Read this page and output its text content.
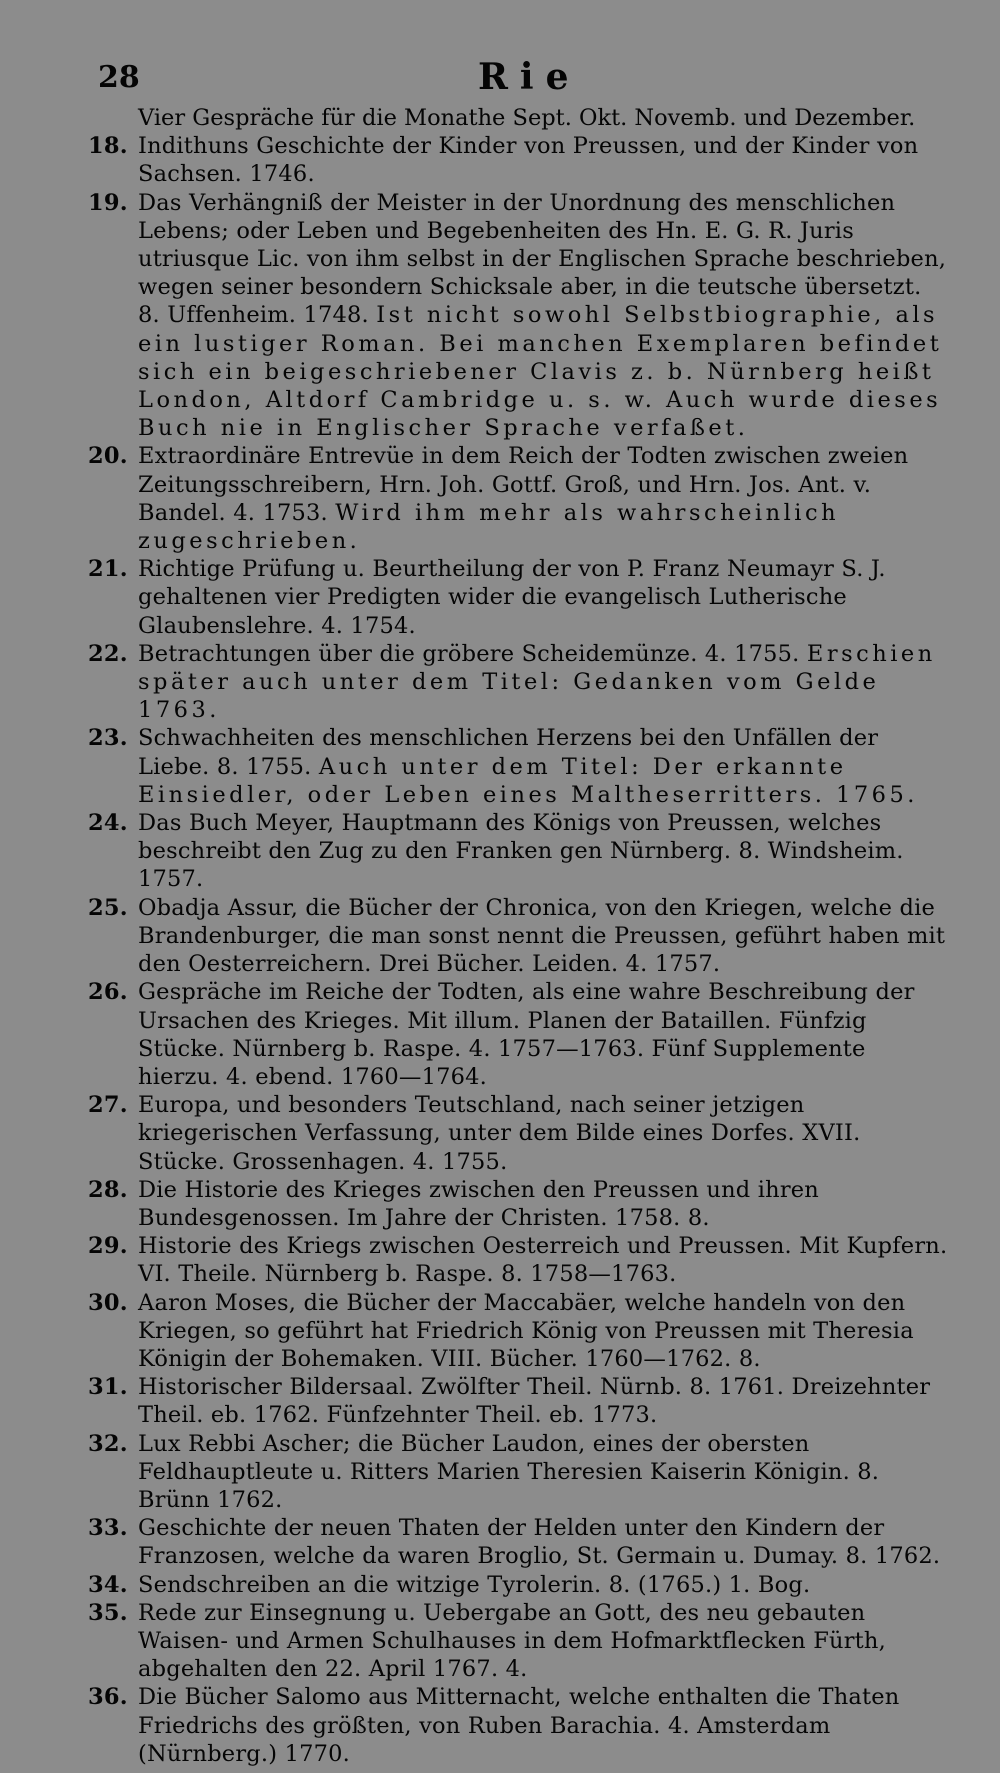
28	Rie
Vier Gespräche für die Monathe Sept. Okt. Novemb. und Dezember.
18. Indithuns Geschichte der Kinder von Preussen, und der Kinder von Sachsen. 1746.
19. Das Verhängniß der Meister in der Unordnung des menschlichen Lebens; oder Leben und Begebenheiten des Hn. E. G. R. Juris utriusque Lic. von ihm selbst in der Englischen Sprache beschrieben, wegen seiner besondern Schicksale aber, in die teutsche übersetzt. 8. Uffenheim. 1748. Ist nicht sowohl Selbstbiographie, als ein lustiger Roman. Bei manchen Exemplaren befindet sich ein beigeschriebener Clavis z. b. Nürnberg heißt London, Altdorf Cambridge u. s. w. Auch wurde dieses Buch nie in Englischer Sprache verfaßet.
20. Extraordinäre Entrevüe in dem Reich der Todten zwischen zweien Zeitungsschreibern, Hrn. Joh. Gottf. Groß, und Hrn. Jos. Ant. v. Bandel. 4. 1753. Wird ihm mehr als wahrscheinlich zugeschrieben.
21. Richtige Prüfung u. Beurtheilung der von P. Franz Neumayr S. J. gehaltenen vier Predigten wider die evangelisch Lutherische Glaubenslehre. 4. 1754.
22. Betrachtungen über die gröbere Scheidemünze. 4. 1755. Erschien später auch unter dem Titel: Gedanken vom Gelde 1763.
23. Schwachheiten des menschlichen Herzens bei den Unfällen der Liebe. 8. 1755. Auch unter dem Titel: Der erkannte Einsiedler, oder Leben eines Maltheserritters. 1765.
24. Das Buch Meyer, Hauptmann des Königs von Preussen, welches beschreibt den Zug zu den Franken gen Nürnberg. 8. Windsheim. 1757.
25. Obadja Assur, die Bücher der Chronica, von den Kriegen, welche die Brandenburger, die man sonst nennt die Preussen, geführt haben mit den Oesterreichern. Drei Bücher. Leiden. 4. 1757.
26. Gespräche im Reiche der Todten, als eine wahre Beschreibung der Ursachen des Krieges. Mit illum. Planen der Bataillen. Fünfzig Stücke. Nürnberg b. Raspe. 4. 1757—1763. Fünf Supplemente hierzu. 4. ebend. 1760—1764.
27. Europa, und besonders Teutschland, nach seiner jetzigen kriegerischen Verfassung, unter dem Bilde eines Dorfes. XVII. Stücke. Grossenhagen. 4. 1755.
28. Die Historie des Krieges zwischen den Preussen und ihren Bundesgenossen. Im Jahre der Christen. 1758. 8.
29. Historie des Kriegs zwischen Oesterreich und Preussen. Mit Kupfern. VI. Theile. Nürnberg b. Raspe. 8. 1758—1763.
30. Aaron Moses, die Bücher der Maccabäer, welche handeln von den Kriegen, so geführt hat Friedrich König von Preussen mit Theresia Königin der Bohemaken. VIII. Bücher. 1760—1762. 8.
31. Historischer Bildersaal. Zwölfter Theil. Nürnb. 8. 1761. Dreizehnter Theil. eb. 1762. Fünfzehnter Theil. eb. 1773.
32. Lux Rebbi Ascher; die Bücher Laudon, eines der obersten Feldhauptleute u. Ritters Marien Theresien Kaiserin Königin. 8. Brünn 1762.
33. Geschichte der neuen Thaten der Helden unter den Kindern der Franzosen, welche da waren Broglio, St. Germain u. Dumay. 8. 1762.
34. Sendschreiben an die witzige Tyrolerin. 8. (1765.) 1. Bog.
35. Rede zur Einsegnung u. Uebergabe an Gott, des neu gebauten Waisen- und Armen Schulhauses in dem Hofmarktflecken Fürth, abgehalten den 22. April 1767. 4.
36. Die Bücher Salomo aus Mitternacht, welche enthalten die Thaten Friedrichs des größten, von Ruben Barachia. 4. Amsterdam (Nürnberg.) 1770.
